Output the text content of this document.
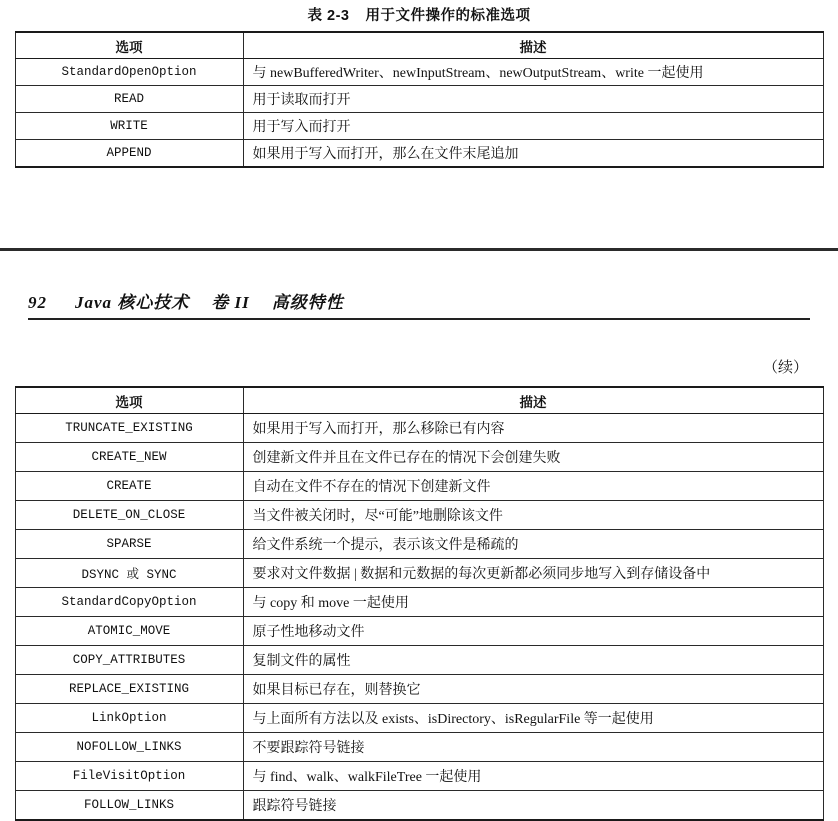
表 2-3 用于文件操作的标准选项
选项	描述
StandardOpenOption	与 newBufferedWriter、newInputStream、newOutputStream、write 一起使用
READ	用于读取而打开
WRITE	用于写入而打开
APPEND	如果用于写入而打开，那么在文件末尾追加
92 Java 核心技术 卷 II 高级特性
（续）
选项	描述
TRUNCATE_EXISTING	如果用于写入而打开，那么移除已有内容
CREATE_NEW	创建新文件并且在文件已存在的情况下会创建失败
CREATE	自动在文件不存在的情况下创建新文件
DELETE_ON_CLOSE	当文件被关闭时，尽“可能”地删除该文件
SPARSE	给文件系统一个提示，表示该文件是稀疏的
DSYNC 或 SYNC	要求对文件数据 | 数据和元数据的每次更新都必须同步地写入到存储设备中
StandardCopyOption	与 copy 和 move 一起使用
ATOMIC_MOVE	原子性地移动文件
COPY_ATTRIBUTES	复制文件的属性
REPLACE_EXISTING	如果目标已存在，则替换它
LinkOption	与上面所有方法以及 exists、isDirectory、isRegularFile 等一起使用
NOFOLLOW_LINKS	不要跟踪符号链接
FileVisitOption	与 find、walk、walkFileTree 一起使用
FOLLOW_LINKS	跟踪符号链接
